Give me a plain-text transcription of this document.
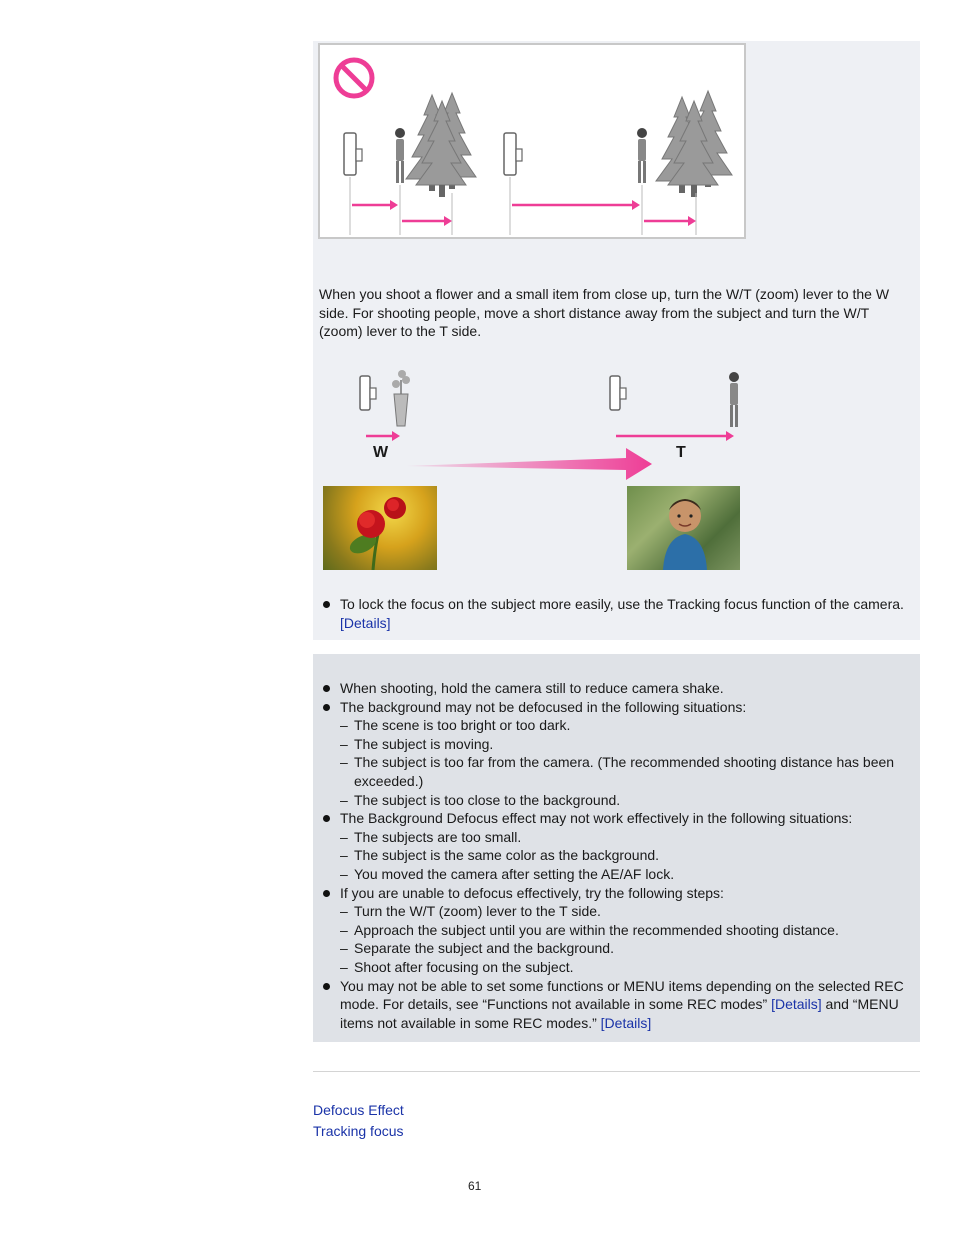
When you shoot a flower and a small item from close up, turn the W/T (zoom) lever to the W side. For shooting people, move a short distance away from the subject and turn the W/T (zoom) lever to the T side.
W	T
To lock the focus on the subject more easily, use the Tracking focus function of the camera.
[Details]
When shooting, hold the camera still to reduce camera shake.
The background may not be defocused in the following situations:
– The scene is too bright or too dark.
– The subject is moving.
– The subject is too far from the camera. (The recommended shooting distance has been exceeded.)
– The subject is too close to the background.
The Background Defocus effect may not work effectively in the following situations:
– The subjects are too small.
– The subject is the same color as the background.
– You moved the camera after setting the AE/AF lock.
If you are unable to defocus effectively, try the following steps:
– Turn the W/T (zoom) lever to the T side.
– Approach the subject until you are within the recommended shooting distance.
– Separate the subject and the background.
– Shoot after focusing on the subject.
You may not be able to set some functions or MENU items depending on the selected REC mode. For details, see “Functions not available in some REC modes” [Details] and “MENU items not available in some REC modes.” [Details]
Defocus Effect
Tracking focus
61
